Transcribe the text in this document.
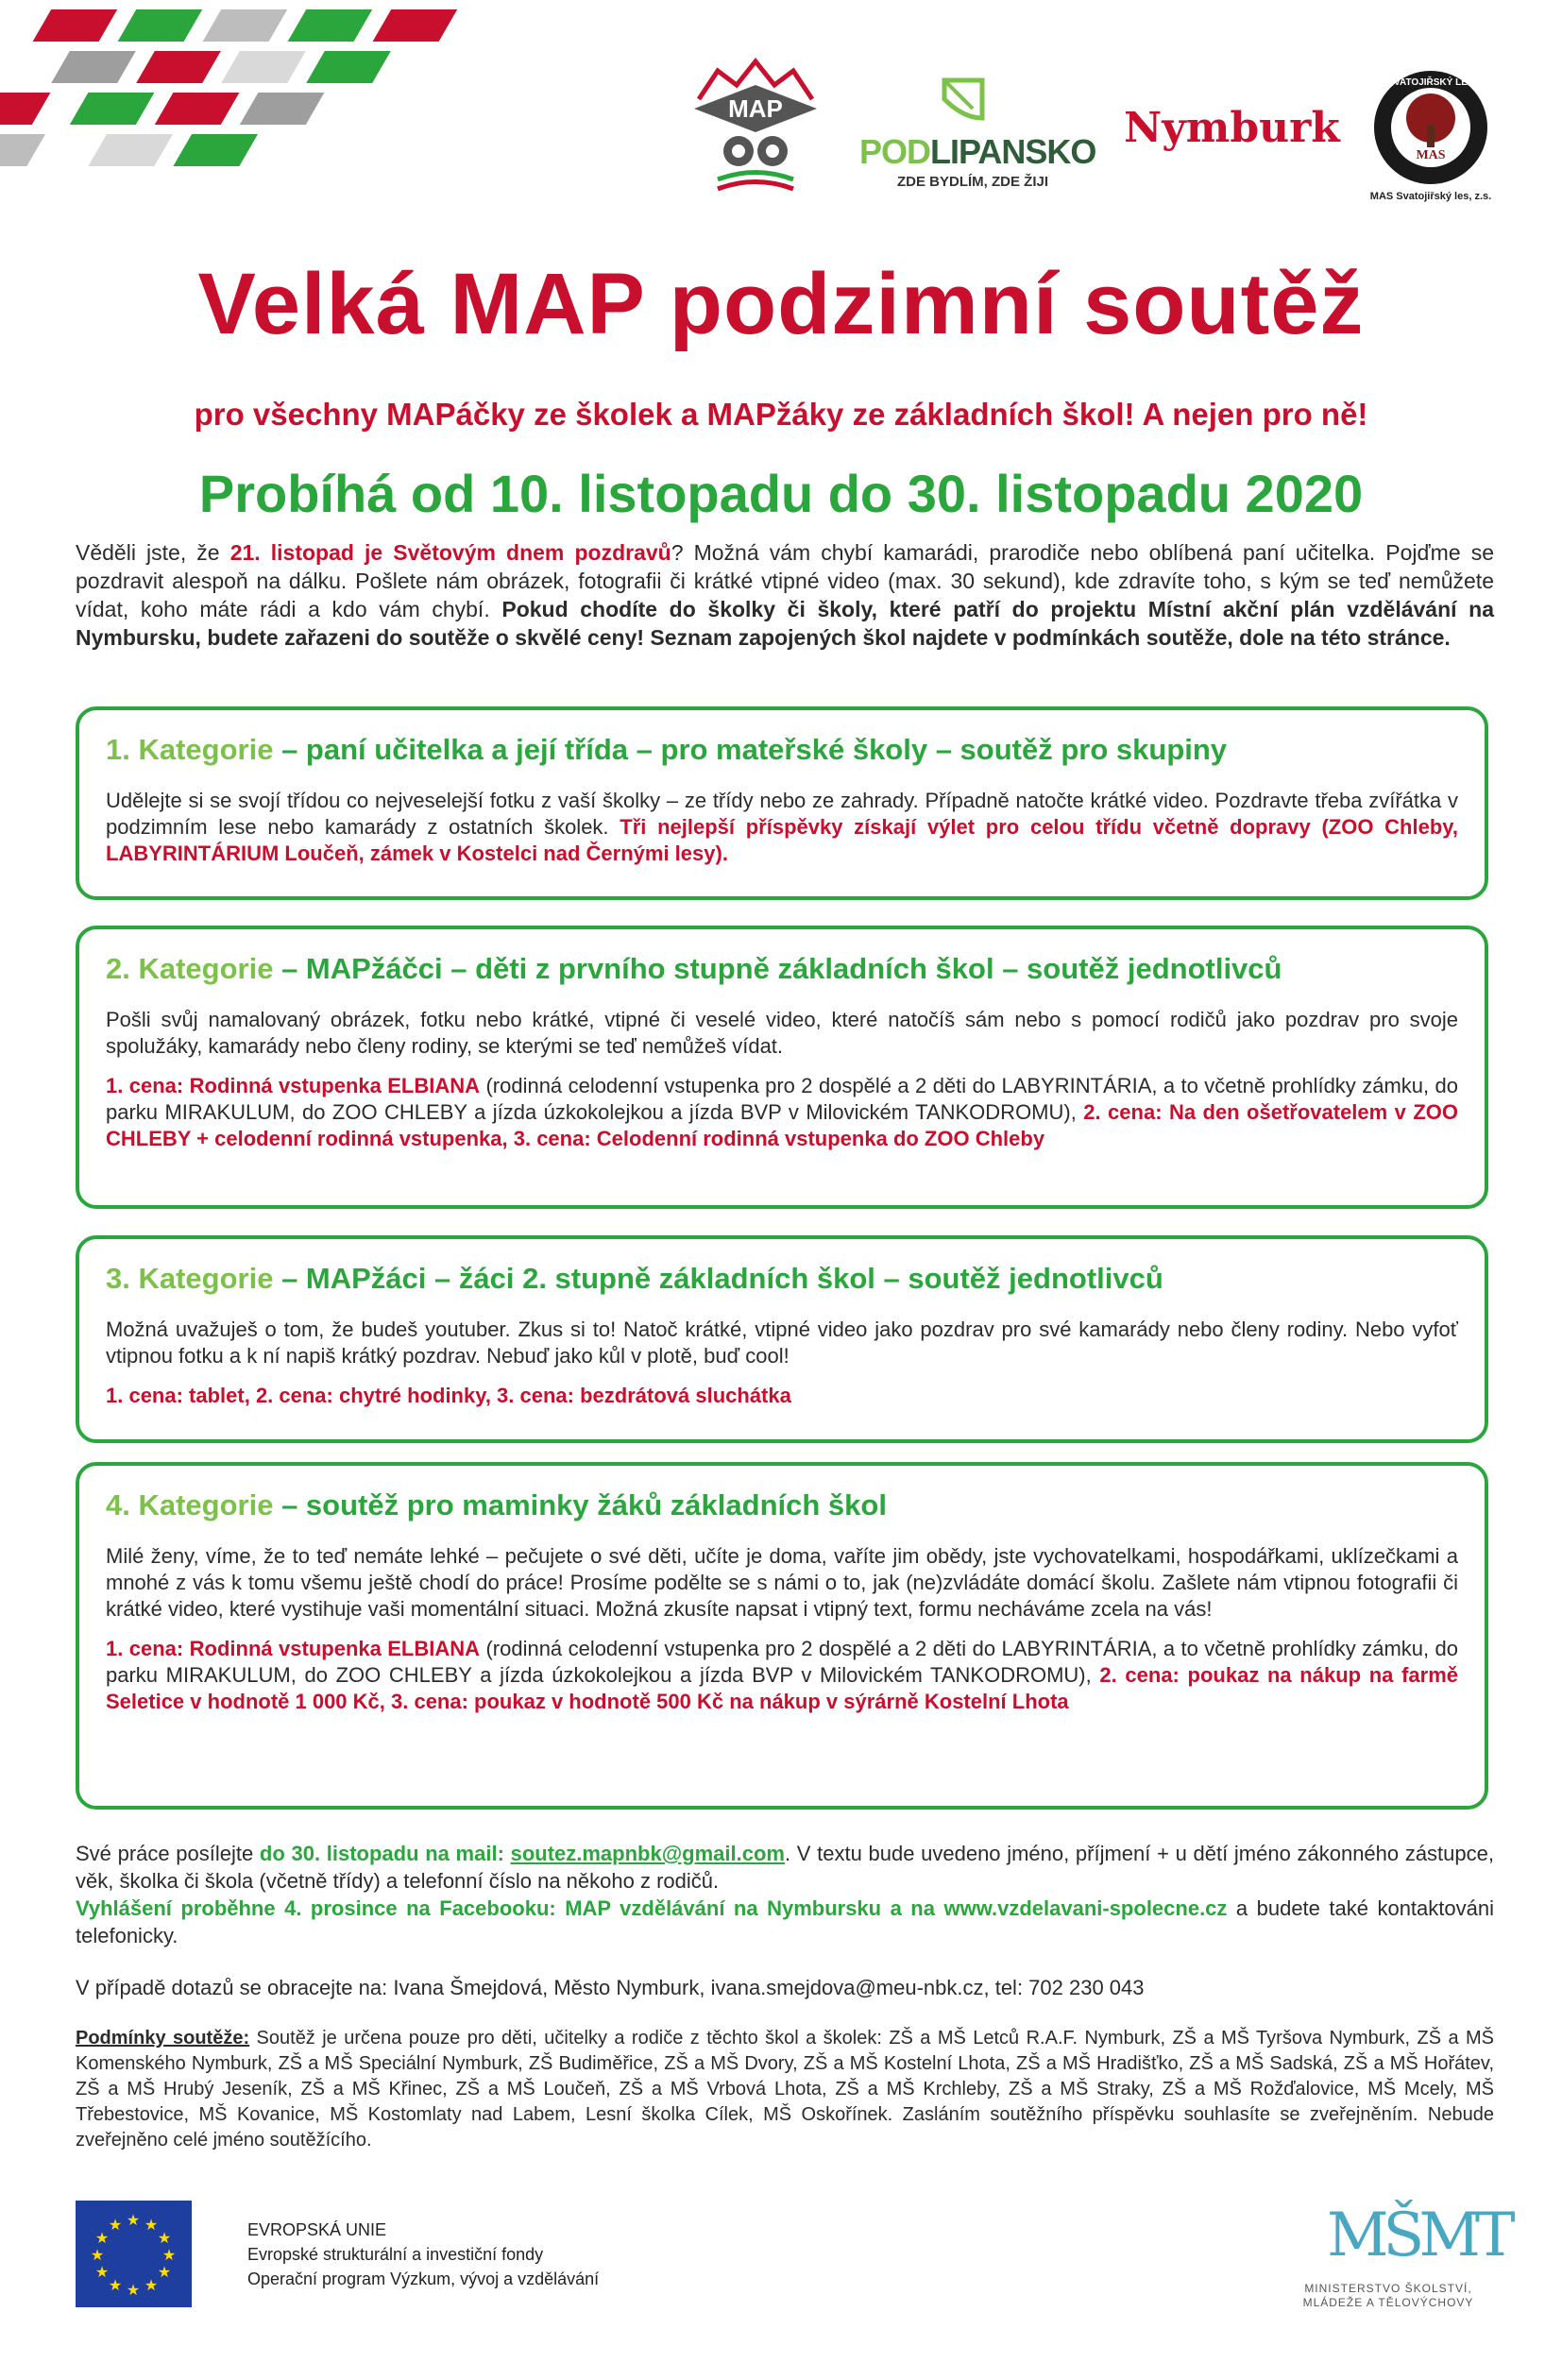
MAP
PODLIPANSKO
ZDE BYDLÍM, ZDE ŽIJI
Nymburk
MAS
SVATOJIŘSKÝ LES
MAS Svatojiřský les, z.s.
Velká MAP podzimní soutěž
pro všechny MAPáčky ze školek a MAPžáky ze základních škol! A nejen pro ně!
Probíhá od 10. listopadu do 30. listopadu 2020
Věděli jste, že 21. listopad je Světovým dnem pozdravů? Možná vám chybí kamarádi, prarodiče nebo oblíbená paní učitelka. Pojďme se pozdravit alespoň na dálku. Pošlete nám obrázek, fotografii či krátké vtipné video (max. 30 sekund), kde zdravíte toho, s kým se teď nemůžete vídat, koho máte rádi a kdo vám chybí. Pokud chodíte do školky či školy, které patří do projektu Místní akční plán vzdělávání na Nymbursku, budete zařazeni do soutěže o skvělé ceny! Seznam zapojených škol najdete v podmínkách soutěže, dole na této stránce.
1. Kategorie – paní učitelka a její třída – pro mateřské školy – soutěž pro skupiny

Udělejte si se svojí třídou co nejveselejší fotku z vaší školky – ze třídy nebo ze zahrady. Případně natočte krátké video. Pozdravte třeba zvířátka v podzimním lese nebo kamarády z ostatních školek. Tři nejlepší příspěvky získají výlet pro celou třídu včetně dopravy (ZOO Chleby, LABYRINTÁRIUM Loučeň, zámek v Kostelci nad Černými lesy).

2. Kategorie – MAPžáčci – děti z prvního stupně základních škol – soutěž jednotlivců

Pošli svůj namalovaný obrázek, fotku nebo krátké, vtipné či veselé video, které natočíš sám nebo s pomocí rodičů jako pozdrav pro svoje spolužáky, kamarády nebo členy rodiny, se kterými se teď nemůžeš vídat.

1. cena: Rodinná vstupenka ELBIANA (rodinná celodenní vstupenka pro 2 dospělé a 2 děti do LABYRINTÁRIA, a to včetně prohlídky zámku, do parku MIRAKULUM, do ZOO CHLEBY a jízda úzkokolejkou a jízda BVP v Milovickém TANKODROMU), 2. cena: Na den ošetřovatelem v ZOO CHLEBY + celodenní rodinná vstupenka, 3. cena: Celodenní rodinná vstupenka do ZOO Chleby

3. Kategorie – MAPžáci – žáci 2. stupně základních škol – soutěž jednotlivců

Možná uvažuješ o tom, že budeš youtuber. Zkus si to! Natoč krátké, vtipné video jako pozdrav pro své kamarády nebo členy rodiny. Nebo vyfoť vtipnou fotku a k ní napiš krátký pozdrav. Nebuď jako kůl v plotě, buď cool!

1. cena: tablet, 2. cena: chytré hodinky, 3. cena: bezdrátová sluchátka

4. Kategorie – soutěž pro maminky žáků základních škol

Milé ženy, víme, že to teď nemáte lehké – pečujete o své děti, učíte je doma, vaříte jim obědy, jste vychovatelkami, hospodářkami, uklízečkami a mnohé z vás k tomu všemu ještě chodí do práce! Prosíme podělte se s námi o to, jak (ne)zvládáte domácí školu. Zašlete nám vtipnou fotografii či krátké video, které vystihuje vaši momentální situaci. Možná zkusíte napsat i vtipný text, formu necháváme zcela na vás!

1. cena: Rodinná vstupenka ELBIANA (rodinná celodenní vstupenka pro 2 dospělé a 2 děti do LABYRINTÁRIA, a to včetně prohlídky zámku, do parku MIRAKULUM, do ZOO CHLEBY a jízda úzkokolejkou a jízda BVP v Milovickém TANKODROMU), 2. cena: poukaz na nákup na farmě Seletice v hodnotě 1 000 Kč, 3. cena: poukaz v hodnotě 500 Kč na nákup v sýrárně Kostelní Lhota

Své práce posílejte do 30. listopadu na mail: soutez.mapnbk@gmail.com. V textu bude uvedeno jméno, příjmení + u dětí jméno zákonného zástupce, věk, školka či škola (včetně třídy) a telefonní číslo na někoho z rodičů.
Vyhlášení proběhne 4. prosince na Facebooku: MAP vzdělávání na Nymbursku a na www.vzdelavani-spolecne.cz a budete také kontaktováni telefonicky.
V případě dotazů se obracejte na: Ivana Šmejdová, Město Nymburk, ivana.smejdova@meu-nbk.cz, tel: 702 230 043
Podmínky soutěže: Soutěž je určena pouze pro děti, učitelky a rodiče z těchto škol a školek: ZŠ a MŠ Letců R.A.F. Nymburk, ZŠ a MŠ Tyršova Nymburk, ZŠ a MŠ Komenského Nymburk, ZŠ a MŠ Speciální Nymburk, ZŠ Budiměřice, ZŠ a MŠ Dvory, ZŠ a MŠ Kostelní Lhota, ZŠ a MŠ Hradišťko, ZŠ a MŠ Sadská, ZŠ a MŠ Hořátev, ZŠ a MŠ Hrubý Jeseník, ZŠ a MŠ Křinec, ZŠ a MŠ Loučeň, ZŠ a MŠ Vrbová Lhota, ZŠ a MŠ Krchleby, ZŠ a MŠ Straky, ZŠ a MŠ Rožďalovice, MŠ Mcely, MŠ Třebestovice, MŠ Kovanice, MŠ Kostomlaty nad Labem, Lesní školka Cílek, MŠ Oskořínek. Zasláním soutěžního příspěvku souhlasíte se zveřejněním. Nebude zveřejněno celé jméno soutěžícího.
★ ★
★
★
★
★
★
★
★
★
★
★	EVROPSKÁ UNIE
Evropské strukturální a investiční fondy
Operační program Výzkum, vývoj a vzdělávání
MŠMT
MINISTERSTVO ŠKOLSTVÍ,
MLÁDEŽE A TĚLOVÝCHOVY
